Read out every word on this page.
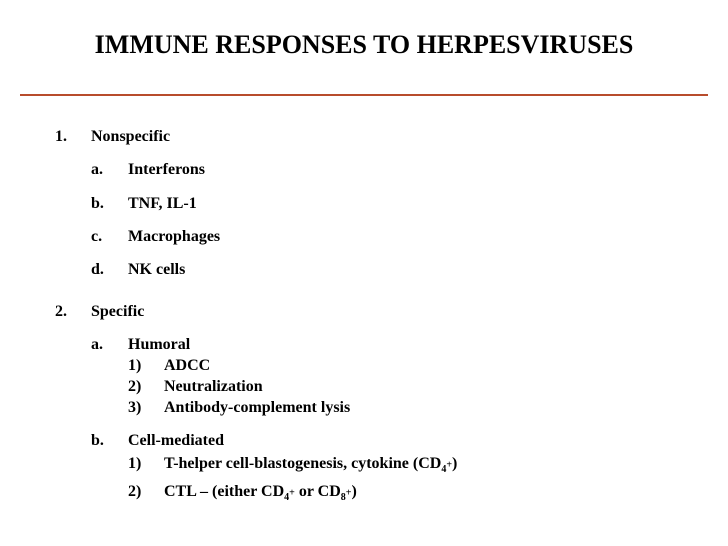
IMMUNE RESPONSES TO HERPESVIRUSES
1. Nonspecific
a. Interferons
b. TNF, IL-1
c. Macrophages
d. NK cells
2. Specific
a. Humoral
1) ADCC
2) Neutralization
3) Antibody-complement lysis
b. Cell-mediated
1) T-helper cell-blastogenesis, cytokine $(CD_{4^+})$
2) CTL – (either $CD_{4^+}$ or $CD_{8^+}$)
